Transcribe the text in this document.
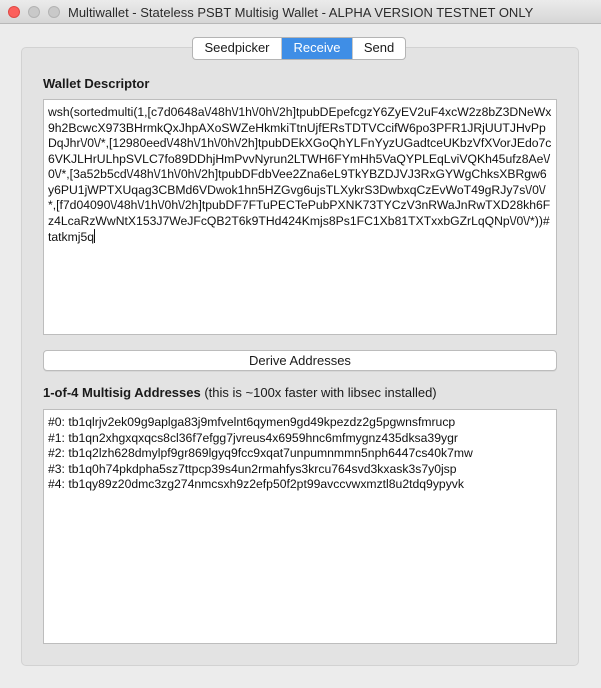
Multiwallet - Stateless PSBT Multisig Wallet - ALPHA VERSION TESTNET ONLY
Seedpicker	Receive	Send
Wallet Descriptor
wsh(sortedmulti(1,[c7d0648a\/48h\/1h\/0h\/2h]tpubDEpefcgzY6ZyEV2uF4xcW2z8bZ3DNeWx9h2BcwcX973BHrmkQxJhpAXoSWZeHkmkiTtnUjfERsTDTVCcifW6po3PFR1JRjUUTJHvPpDqJhr\/0\/*,[12980eed\/48h\/1h\/0h\/2h]tpubDEkXGoQhYLFnYyzUGadtceUKbzVfXVorJEdo7c6VKJLHrULhpSVLC7fo89DDhjHmPvvNyrun2LTWH6FYmHh5VaQYPLEqLviVQKh45ufz8Ae\/0\/*,[3a52b5cd\/48h\/1h\/0h\/2h]tpubDFdbVee2Zna6eL9TkYBZDJVJ3RxGYWgChksXBRgw6y6PU1jWPTXUqag3CBMd6VDwok1hn5HZGvg6ujsTLXykrS3DwbxqCzEvWoT49gRJy7s\/0\/*,[f7d04090\/48h\/1h\/0h\/2h]tpubDF7FTuPECTePubPXNK73TYCzV3nRWaJnRwTXD28kh6Fz4LcaRzWwNtX153J7WeJFcQB2T6k9THd424Kmjs8Ps1FC1Xb81TXTxxbGZrLqQNp\/0\/*))#tatkmj5q
Derive Addresses
1-of-4 Multisig Addresses (this is ~100x faster with libsec installed)
#0: tb1qlrjv2ek09g9aplga83j9mfvelnt6qymen9gd49kpezdz2g5pgwnsfmrucp
#1: tb1qn2xhgxqxqcs8cl36f7efgg7jvreus4x6959hnc6mfmygnz435dksa39ygr
#2: tb1q2lzh628dmylpf9gr869lgyq9fcc9xqat7unpumnmmn5nph6447cs40k7mw
#3: tb1q0h74pkdpha5sz7ttpcp39s4un2rmahfys3krcu764svd3kxask3s7y0jsp
#4: tb1qy89z20dmc3zg274nmcsxh9z2efp50f2pt99avccvwxmztl8u2tdq9ypyvk
